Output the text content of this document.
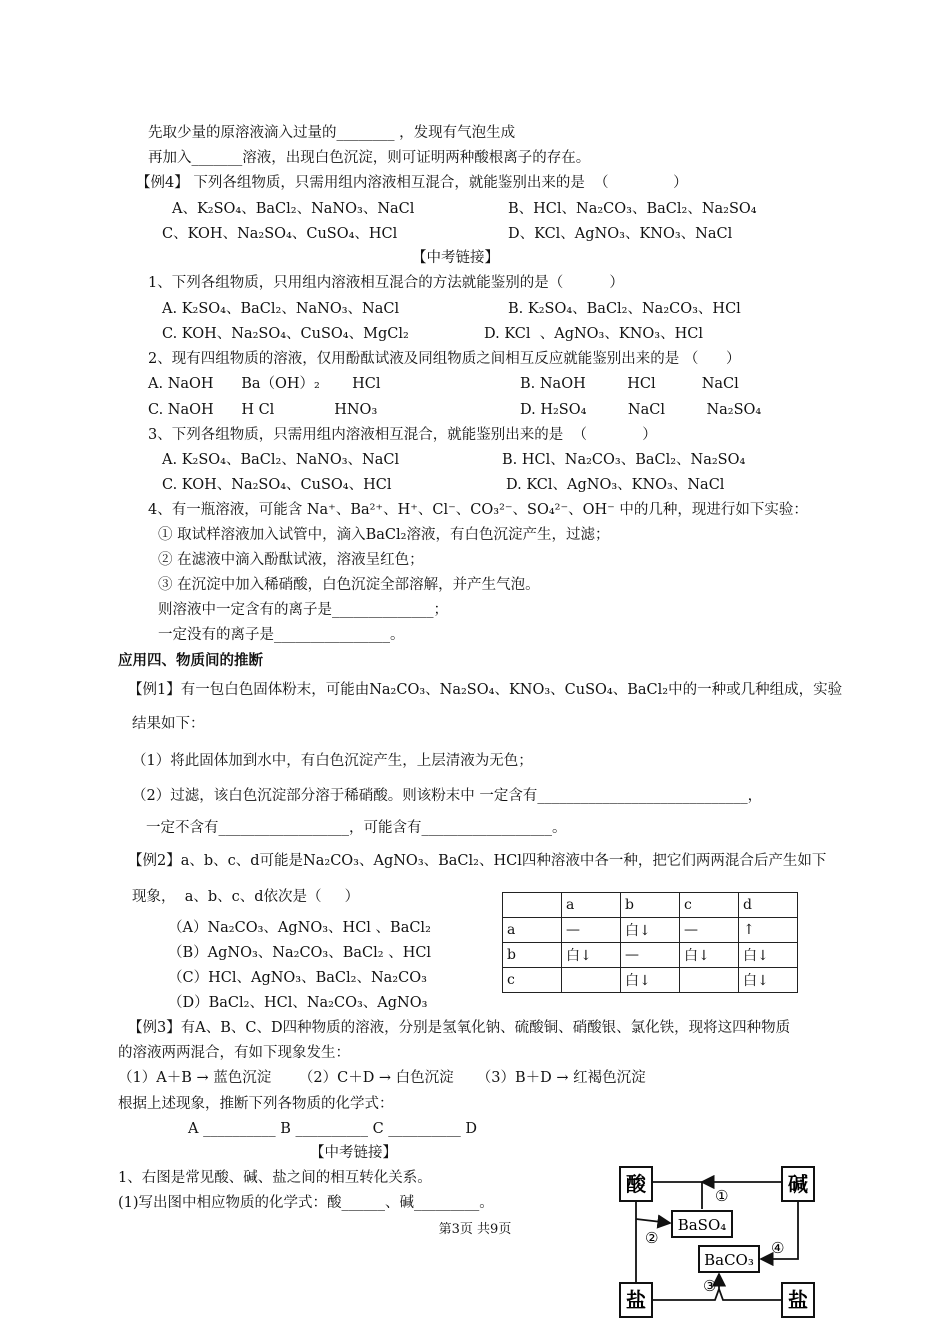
先取少量的原溶液滴入过量的________ ，发现有气泡生成
再加入_______溶液，出现白色沉淀，则可证明两种酸根离子的存在。
【例4】 下列各组物质，只需用组内溶液相互混合，就能鉴别出来的是  （              ）
A、K₂SO₄、BaCl₂、NaNO₃、NaCl	B、HCl、Na₂CO₃、BaCl₂、Na₂SO₄
C、KOH、Na₂SO₄、CuSO₄、HCl	D、KCl、AgNO₃、KNO₃、NaCl
【中考链接】
1、下列各组物质，只用组内溶液相互混合的方法就能鉴别的是（          ）
A. K₂SO₄、BaCl₂、NaNO₃、NaCl	B. K₂SO₄、BaCl₂、Na₂CO₃、HCl
C. KOH、Na₂SO₄、CuSO₄、MgCl₂	D. KCl  、AgNO₃、KNO₃、HCl
2、现有四组物质的溶液，仅用酚酞试液及同组物质之间相互反应就能鉴别出来的是 （      ）
A. NaOH      Ba（OH）₂       HCl	B. NaOH         HCl          NaCl
C. NaOH      H Cl             HNO₃	D. H₂SO₄         NaCl         Na₂SO₄
3、下列各组物质，只需用组内溶液相互混合，就能鉴别出来的是  （            ）
A. K₂SO₄、BaCl₂、NaNO₃、NaCl	B. HCl、Na₂CO₃、BaCl₂、Na₂SO₄
C. KOH、Na₂SO₄、CuSO₄、HCl	D. KCl、AgNO₃、KNO₃、NaCl
4、有一瓶溶液，可能含 Na⁺、Ba²⁺、H⁺、Cl⁻、CO₃²⁻、SO₄²⁻、OH⁻ 中的几种，现进行如下实验：
① 取试样溶液加入试管中，滴入BaCl₂溶液，有白色沉淀产生，过滤；
② 在滤液中滴入酚酞试液，溶液呈红色；
③ 在沉淀中加入稀硝酸，白色沉淀全部溶解，并产生气泡。
则溶液中一定含有的离子是______________；
一定没有的离子是________________。
应用四、物质间的推断
【例1】有一包白色固体粉末，可能由Na₂CO₃、Na₂SO₄、KNO₃、CuSO₄、BaCl₂中的一种或几种组成，实验
结果如下：
（1）将此固体加到水中，有白色沉淀产生，上层清液为无色；
（2）过滤，该白色沉淀部分溶于稀硝酸。则该粉末中 一定含有_____________________________，
一定不含有__________________，可能含有__________________。
【例2】a、b、c、d可能是Na₂CO₃、AgNO₃、BaCl₂、HCl四种溶液中各一种，把它们两两混合后产生如下
现象，  a、b、c、d依次是（     ）
（A）Na₂CO₃、AgNO₃、HCl 、BaCl₂
（B）AgNO₃、Na₂CO₃、BaCl₂ 、HCl
（C）HCl、AgNO₃、BaCl₂、Na₂CO₃
（D）BaCl₂、HCl、Na₂CO₃、AgNO₃
【例3】有A、B、C、D四种物质的溶液，分别是氢氧化钠、硫酸铜、硝酸银、氯化铁，现将这四种物质
的溶液两两混合，有如下现象发生：
（1）A＋B → 蓝色沉淀      （2）C＋D → 白色沉淀     （3）B＋D → 红褐色沉淀
根据上述现象，推断下列各物质的化学式：
A __________ B __________ C __________ D
【中考链接】
1、右图是常见酸、碱、盐之间的相互转化关系。
(1)写出图中相应物质的化学式：酸______、碱_________。
	a	b	c	d
a	—	白↓	—	↑
b	白↓	—	白↓	白↓
c		白↓		白↓
第3页 共9页
酸	碱
盐	盐
BaSO₄
BaCO₃
①
②
④
③
